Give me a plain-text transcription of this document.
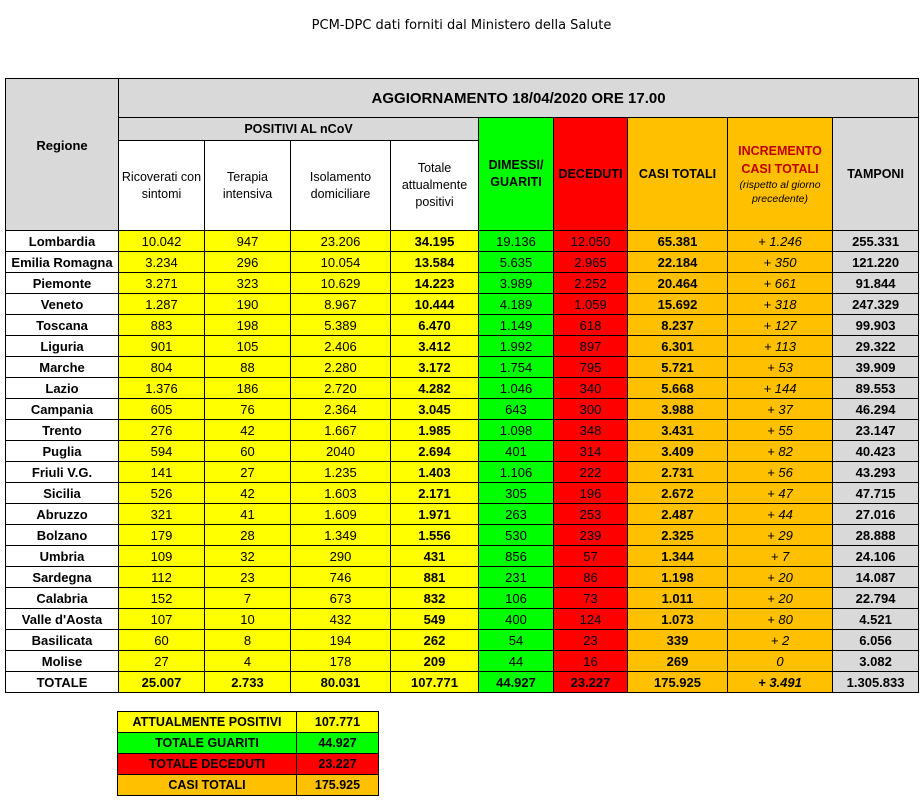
PCM-DPC dati forniti dal Ministero della Salute
Regione	AGGIORNAMENTO 18/04/2020 ORE 17.00								
	POSITIVI AL nCoV				DIMESSI/ GUARITI	DECEDUTI	CASI TOTALI	INCREMENTO CASI TOTALI
(rispetto al giorno precedente)	TAMPONI
	Ricoverati con sintomi	Terapia intensiva	Isolamento domiciliare	Totale attualmente positivi					
Lombardia	10.042	947	23.206	34.195	19.136	12.050	65.381	+ 1.246	255.331
Emilia Romagna	3.234	296	10.054	13.584	5.635	2.965	22.184	+ 350	121.220
Piemonte	3.271	323	10.629	14.223	3.989	2.252	20.464	+ 661	91.844
Veneto	1.287	190	8.967	10.444	4.189	1.059	15.692	+ 318	247.329
Toscana	883	198	5.389	6.470	1.149	618	8.237	+ 127	99.903
Liguria	901	105	2.406	3.412	1.992	897	6.301	+ 113	29.322
Marche	804	88	2.280	3.172	1.754	795	5.721	+ 53	39.909
Lazio	1.376	186	2.720	4.282	1.046	340	5.668	+ 144	89.553
Campania	605	76	2.364	3.045	643	300	3.988	+ 37	46.294
Trento	276	42	1.667	1.985	1.098	348	3.431	+ 55	23.147
Puglia	594	60	2040	2.694	401	314	3.409	+ 82	40.423
Friuli V.G.	141	27	1.235	1.403	1.106	222	2.731	+ 56	43.293
Sicilia	526	42	1.603	2.171	305	196	2.672	+ 47	47.715
Abruzzo	321	41	1.609	1.971	263	253	2.487	+ 44	27.016
Bolzano	179	28	1.349	1.556	530	239	2.325	+ 29	28.888
Umbria	109	32	290	431	856	57	1.344	+ 7	24.106
Sardegna	112	23	746	881	231	86	1.198	+ 20	14.087
Calabria	152	7	673	832	106	73	1.011	+ 20	22.794
Valle d'Aosta	107	10	432	549	400	124	1.073	+ 80	4.521
Basilicata	60	8	194	262	54	23	339	+ 2	6.056
Molise	27	4	178	209	44	16	269	0	3.082
TOTALE	25.007	2.733	80.031	107.771	44.927	23.227	175.925	+ 3.491	1.305.833
ATTUALMENTE POSITIVI	107.771
TOTALE GUARITI	44.927
TOTALE DECEDUTI	23.227
CASI TOTALI	175.925
